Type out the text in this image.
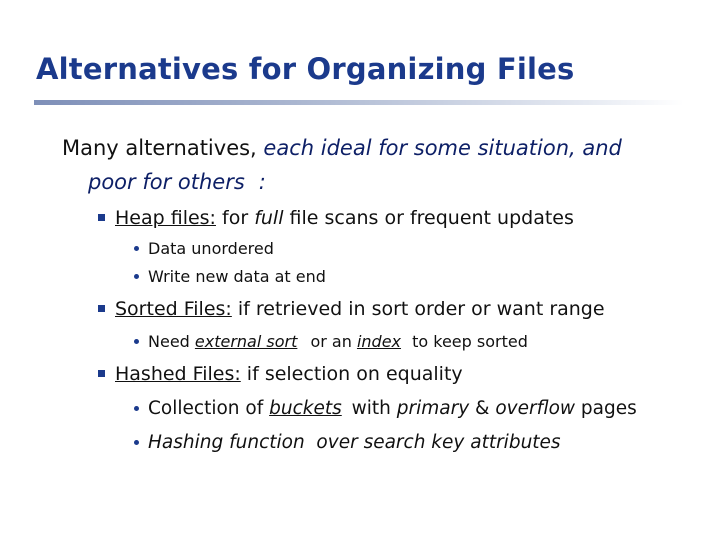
Alternatives for Organizing Files
Many alternatives, each ideal for some situation, and
poor for others :
Heap files: for full file scans or frequent updates
Data unordered
Write new data at end
Sorted Files: if retrieved in sort order or want range
Need external sort or an index to keep sorted
Hashed Files: if selection on equality
Collection of buckets with primary & overflow pages
Hashing function  over search key attributes
